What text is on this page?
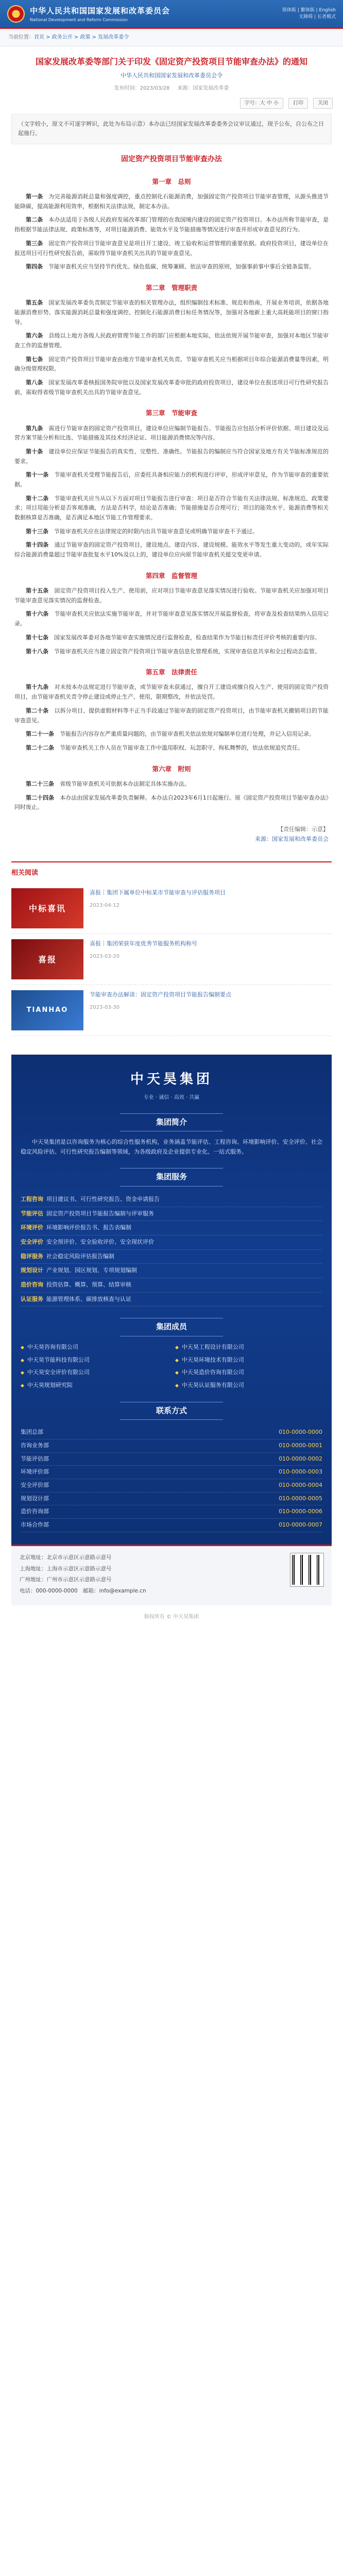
中华人民共和国国家发展和改革委员会
National Development and Reform Commission
简体版 | 繁体版 | English
无障碍 | 长者模式
当前位置：首页 > 政务公开 > 政策 > 发展改革委令
国家发展改革委等部门关于印发《固定资产投资项目节能审查办法》的通知
中华人民共和国国家发展和改革委员会令
发布时间：2023/03/28 来源：国家发展改革委
字号：大 中 小	打印	关闭
（文字较小，原文不可逐字辨识，此处为布局示意）本办法已经国家发展改革委委务会议审议通过，现予公布，自公布之日起施行。
固定资产投资项目节能审查办法
第一章　总则

第一条　 为完善能源消耗总量和强度调控，重点控制化石能源消费，加强固定资产投资项目节能审查管理，从源头推进节能降碳，提高能源利用效率，根据相关法律法规，制定本办法。

第二条　 本办法适用于各级人民政府发展改革部门管理的在我国境内建设的固定资产投资项目。本办法所称节能审查，是指根据节能法律法规、政策标准等，对项目能源消费、能效水平及节能措施等情况进行审查并形成审查意见的行为。

第三条　 固定资产投资项目节能审查意见是项目开工建设、竣工验收和运营管理的重要依据。政府投资项目，建设单位在报送项目可行性研究报告前，需取得节能审查机关出具的节能审查意见。

第四条　 节能审查机关应当坚持节约优先、绿色低碳、统筹兼顾、依法审查的原则，加强事前事中事后全链条监管。

第二章　管理职责

第五条　 国家发展改革委负责制定节能审查的相关管理办法，组织编制技术标准、规范和指南，开展业务培训，依据各地能源消费形势、落实能源消耗总量和强度调控、控制化石能源消费目标任务情况等，加强对各地新上重大高耗能项目的窗口指导。

第六条　 县级以上地方各级人民政府管理节能工作的部门应根据本地实际，依法依规开展节能审查，加强对本地区节能审查工作的监督管理。

第七条　 固定资产投资项目节能审查由地方节能审查机关负责。节能审查机关应当根据项目年综合能源消费量等因素，明确分级管理权限。

第八条　 国家发展改革委核报国务院审批以及国家发展改革委审批的政府投资项目，建设单位在报送项目可行性研究报告前，需取得省级节能审查机关出具的节能审查意见。

第三章　节能审查

第九条　 需进行节能审查的固定资产投资项目，建设单位应编制节能报告。节能报告应包括分析评价依据、项目建设及运营方案节能分析和比选、节能措施及其技术经济论证、项目能源消费情况等内容。

第十条　 建设单位应保证节能报告的真实性、完整性、准确性。节能报告的编制应当符合国家及地方有关节能标准规范的要求。

第十一条　 节能审查机关受理节能报告后，应委托具备相应能力的机构进行评审，形成评审意见，作为节能审查的重要依据。

第十二条　 节能审查机关应当从以下方面对项目节能报告进行审查：项目是否符合节能有关法律法规、标准规范、政策要求；项目用能分析是否客观准确，方法是否科学，结论是否准确；节能措施是否合理可行；项目的能效水平、能源消费等相关数据核算是否准确，是否满足本地区节能工作管理要求。

第十三条　 节能审查机关应在法律规定的时限内出具节能审查意见或明确节能审查不予通过。

第十四条　 通过节能审查的固定资产投资项目，建设地点、建设内容、建设规模、能效水平等发生重大变动的，或年实际综合能源消费量超过节能审查批复水平10%及以上的，建设单位应向原节能审查机关提交变更申请。

第四章　监督管理

第十五条　 固定资产投资项目投入生产、使用前，应对项目节能审查意见落实情况进行验收。节能审查机关应加强对项目节能审查意见落实情况的监督检查。

第十六条　 节能审查机关应依法实施节能审查，并对节能审查意见落实情况开展监督检查，将审查及检查结果纳入信用记录。

第十七条　 国家发展改革委对各地节能审查实施情况进行监督检查，检查结果作为节能目标责任评价考核的重要内容。

第十八条　 节能审查机关应当建立固定资产投资项目节能审查信息化管理系统，实现审查信息共享和全过程动态监管。

第五章　法律责任

第十九条　 对未按本办法规定进行节能审查，或节能审查未获通过，擅自开工建设或擅自投入生产、使用的固定资产投资项目，由节能审查机关责令停止建设或停止生产、使用，限期整改，并依法处罚。

第二十条　 以拆分项目、提供虚假材料等不正当手段通过节能审查的固定资产投资项目，由节能审查机关撤销项目的节能审查意见。

第二十一条　 节能报告内容存在严重质量问题的，由节能审查机关依法依规对编制单位进行处理，并记入信用记录。

第二十二条　 节能审查机关工作人员在节能审查工作中滥用职权、玩忽职守、徇私舞弊的，依法依规追究责任。

第六章　附则

第二十三条　 省级节能审查机关可依据本办法制定具体实施办法。

第二十四条　 本办法由国家发展改革委负责解释。本办法自2023年6月1日起施行。原《固定资产投资项目节能审查办法》同时废止。

【责任编辑：示意】
来源：国家发展和改革委员会
相关阅读
中标喜讯
喜报｜集团下属单位中标某市节能审查与评估服务项目
2023-04-12
喜报
喜报｜集团荣获年度优秀节能服务机构称号
2023-03-20
TIANHAO
节能审查办法解读：固定资产投资项目节能报告编制要点
2023-03-30
中天昊集团
专业 · 诚信 · 高效 · 共赢
集团简介

中天昊集团是以咨询服务为核心的综合性服务机构，业务涵盖节能评估、工程咨询、环境影响评价、安全评价、社会稳定风险评估、可行性研究报告编制等领域，为各级政府及企业提供专业化、一站式服务。

集团服务
工程咨询 项目建议书、可行性研究报告、资金申请报告
节能评估 固定资产投资项目节能报告编制与评审服务
环境评价 环境影响评价报告书、报告表编制
安全评价 安全预评价、安全验收评价、安全现状评价
稳评服务 社会稳定风险评估报告编制
规划设计 产业规划、园区规划、专项规划编制
造价咨询 投资估算、概算、预算、结算审核
认证服务 能源管理体系、碳排放核查与认证
集团成员
◆ 中天昊咨询有限公司	◆ 中天昊工程设计有限公司
◆ 中天昊节能科技有限公司	◆ 中天昊环境技术有限公司
◆ 中天昊安全评价有限公司	◆ 中天昊造价咨询有限公司
◆ 中天昊规划研究院	◆ 中天昊认证服务有限公司
联系方式
集团总部	010-0000-0000
咨询业务部	010-0000-0001
节能评估部	010-0000-0002
环境评价部	010-0000-0003
安全评价部	010-0000-0004
规划设计部	010-0000-0005
造价咨询部	010-0000-0006
市场合作部	010-0000-0007

北京地址：北京市示意区示意路示意号

上海地址：上海市示意区示意路示意号

广州地址：广州市示意区示意路示意号

电话：000-0000-0000　邮箱：info@example.cn

版权所有 © 中天昊集团
